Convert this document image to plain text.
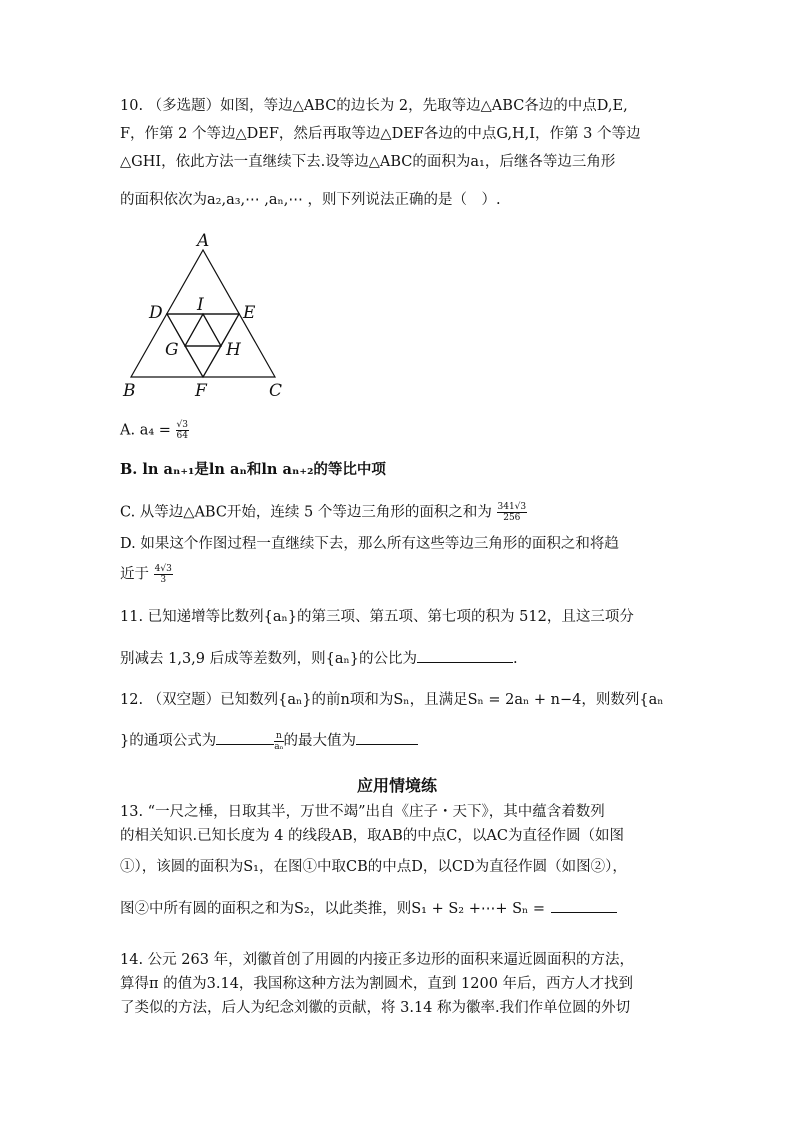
10. （多选题）如图，等边△ABC的边长为 2，先取等边△ABC各边的中点D,E,
F，作第 2 个等边△DEF，然后再取等边△DEF各边的中点G,H,I，作第 3 个等边
△GHI，依此方法一直继续下去.设等边△ABC的面积为a₁，后继各等边三角形
的面积依次为a₂,a₃,⋯ ,aₙ,⋯ ，则下列说法正确的是（　）.
A
D	E
I
G	H
B	F	C
A. $a_4 = \frac{√3}{64}$
B. ln aₙ₊₁是ln aₙ和ln aₙ₊₂的等比中项
C. 从等边△ABC开始，连续 5 个等边三角形的面积之和为 $\frac{341√3}{256}$
D. 如果这个作图过程一直继续下去，那么所有这些等边三角形的面积之和将趋
近于 $\frac{4√3}{3}$
11. 已知递增等比数列{aₙ}的第三项、第五项、第七项的积为 512，且这三项分
别减去 1,3,9 后成等差数列，则{aₙ}的公比为	.
12. （双空题）已知数列{aₙ}的前n项和为Sₙ，且满足Sₙ = 2aₙ + n−4，则数列{aₙ
}的通项公式为	$\frac{n}{\text{aₙ}}$ 的最大值为
应用情境练
13. “一尺之棰，日取其半，万世不竭”出自《庄子・天下》，其中蕴含着数列
的相关知识.已知长度为 4 的线段AB，取AB的中点C，以AC为直径作圆（如图
①），该圆的面积为S₁，在图①中取CB的中点D，以CD为直径作圆（如图②），
图②中所有圆的面积之和为S₂，以此类推，则S₁ + S₂ +⋯+ Sₙ =
14. 公元 263 年，刘徽首创了用圆的内接正多边形的面积来逼近圆面积的方法，
算得π 的值为3.14，我国称这种方法为割圆术，直到 1200 年后，西方人才找到
了类似的方法，后人为纪念刘徽的贡献，将 3.14 称为徽率.我们作单位圆的外切
